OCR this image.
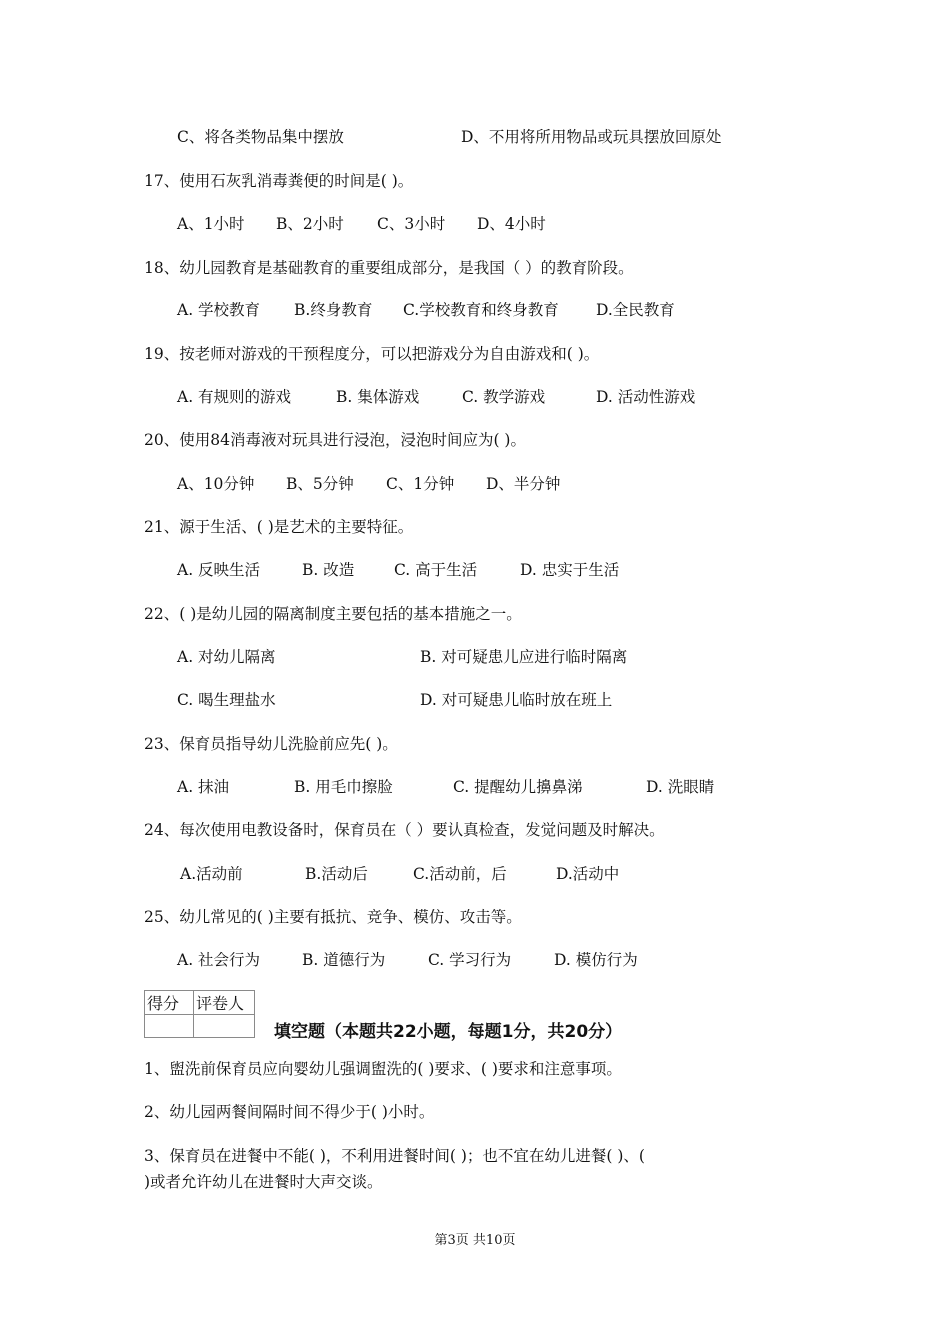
C、将各类物品集中摆放	D、不用将所用物品或玩具摆放回原处
17、使用石灰乳消毒粪便的时间是( )。
A、1小时 B、2小时 C、3小时 D、4小时
18、幼儿园教育是基础教育的重要组成部分，是我国（ ）的教育阶段。
A. 学校教育 B.终身教育 C.学校教育和终身教育 D.全民教育
19、按老师对游戏的干预程度分，可以把游戏分为自由游戏和( )。
A. 有规则的游戏	B. 集体游戏	C. 教学游戏	D. 活动性游戏
20、使用84消毒液对玩具进行浸泡，浸泡时间应为( )。
A、10分钟 B、5分钟 C、1分钟 D、半分钟
21、源于生活、( )是艺术的主要特征。
A. 反映生活	B. 改造	C. 高于生活	D. 忠实于生活
22、( )是幼儿园的隔离制度主要包括的基本措施之一。
A. 对幼儿隔离	B. 对可疑患儿应进行临时隔离
C. 喝生理盐水	D. 对可疑患儿临时放在班上
23、保育员指导幼儿洗脸前应先( )。
A. 抹油	B. 用毛巾擦脸	C. 提醒幼儿擤鼻涕	D. 洗眼睛
24、每次使用电教设备时，保育员在（ ）要认真检查，发觉问题及时解决。
A.活动前	B.活动后	C.活动前，后	D.活动中
25、幼儿常见的( )主要有抵抗、竞争、模仿、攻击等。
A. 社会行为	B. 道德行为	C. 学习行为	D. 模仿行为
得分	评卷人

填空题（本题共22小题，每题1分，共20分）
1、盥洗前保育员应向婴幼儿强调盥洗的( )要求、( )要求和注意事项。
2、幼儿园两餐间隔时间不得少于( )小时。
3、保育员在进餐中不能( )，不利用进餐时间( )；也不宜在幼儿进餐( )、(
)或者允许幼儿在进餐时大声交谈。
第3页 共10页
